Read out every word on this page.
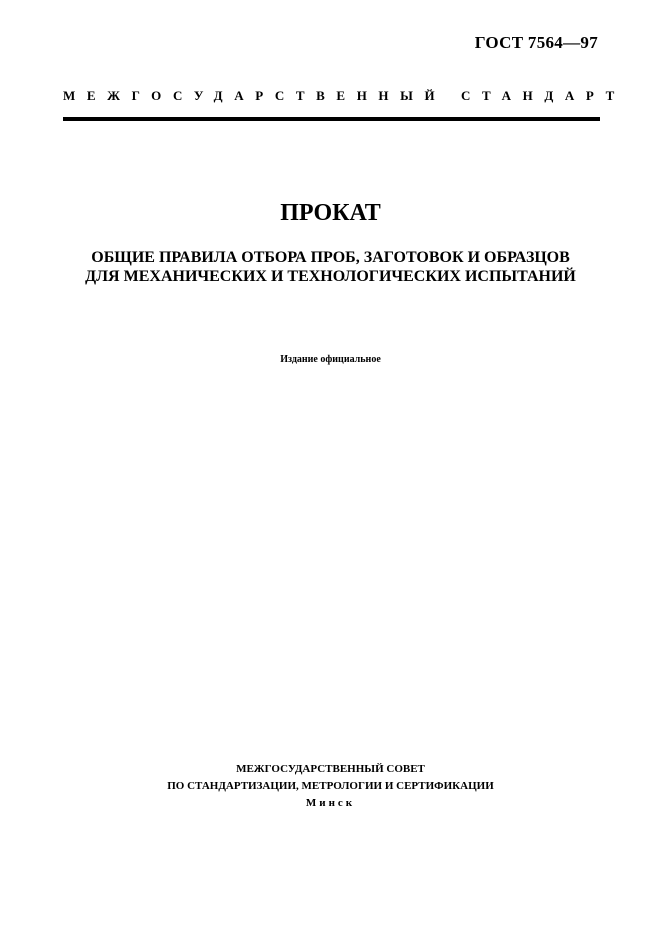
ГОСТ 7564—97
МЕЖГОСУДАРСТВЕННЫЙ СТАНДАРТ
ПРОКАТ
ОБЩИЕ ПРАВИЛА ОТБОРА ПРОБ, ЗАГОТОВОК И ОБРАЗЦОВ
ДЛЯ МЕХАНИЧЕСКИХ И ТЕХНОЛОГИЧЕСКИХ ИСПЫТАНИЙ
Издание официальное
МЕЖГОСУДАРСТВЕННЫЙ СОВЕТ
ПО СТАНДАРТИЗАЦИИ, МЕТРОЛОГИИ И СЕРТИФИКАЦИИ
Минск
